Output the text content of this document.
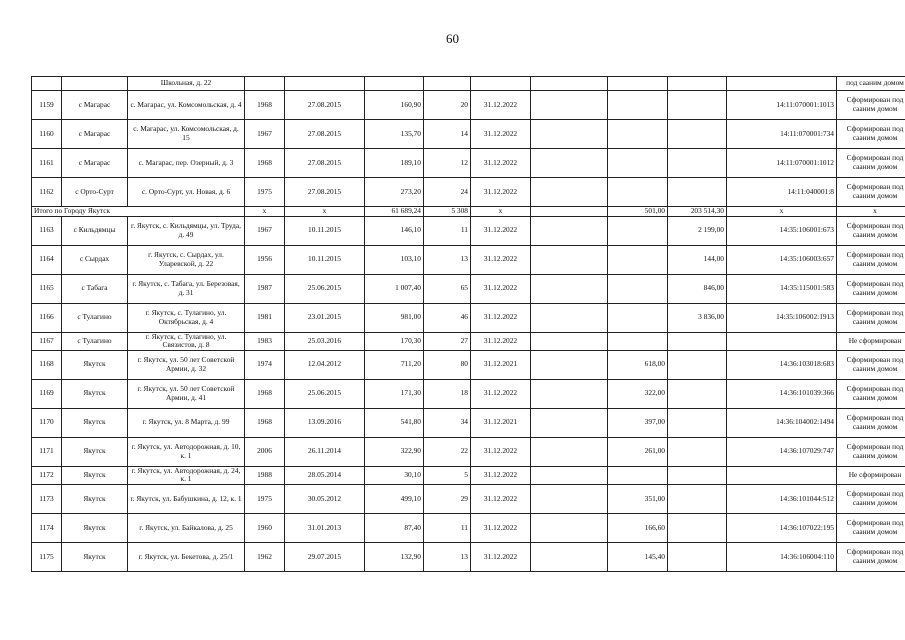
60
		Школьная, д. 22										под сааним домом
1159	с Магарас	с. Магарас, ул. Комсомольская, д. 4	1968	27.08.2015	160,90	20	31.12.2022				14:11:070001:1013	Сформирован под сааним домом
1160	с Магарас	с. Магарас, ул. Комсомольская, д. 15	1967	27.08.2015	135,70	14	31.12.2022				14:11:070001:734	Сформирован под сааним домом
1161	с Магарас	с. Магарас, пер. Озерный, д. 3	1968	27.08.2015	189,10	12	31.12.2022				14:11:070001:1012	Сформирован под сааним домом
1162	с Орто-Сурт	с. Орто-Сурт, ул. Новая, д. 6	1975	27.08.2015	273,20	24	31.12.2022				14:11:040001:8	Сформирован под сааним домом
Итого по Городу Якутск			x	x	61 689,24	5 308	x		501,00	203 514,30	x	x
1163	с Кильдямцы	г. Якутск, с. Кильдямцы, ул. Труда, д. 49	1967	10.11.2015	146,10	11	31.12.2022			2 199,00	14:35:106001:673	Сформирован под сааним домом
1164	с Сырдах	г. Якутск, с. Сырдах, ул. Уларевской, д. 22	1956	10.11.2015	103,10	13	31.12.2022			144,00	14:35:106003:657	Сформирован под сааним домом
1165	с Табага	г. Якутск, с. Табага, ул. Березовая, д. 31	1987	25.06.2015	1 007,40	65	31.12.2022			846,00	14:35:115001:583	Сформирован под сааним домом
1166	с Тулагино	г. Якутск, с. Тулагино, ул. Октябрьская, д. 4	1981	23.01.2015	981,00	46	31.12.2022			3 836,00	14:35:106002:1913	Сформирован под сааним домом
1167	с Тулагино	г. Якутск, с. Тулагино, ул. Связистов, д. 8	1983	25.03.2016	170,30	27	31.12.2022					Не сформирован
1168	Якутск	г. Якутск, ул. 50 лет Советской Армии, д. 32	1974	12.04.2012	711,20	80	31.12.2021		618,00		14:36:103018:683	Сформирован под сааним домом
1169	Якутск	г. Якутск, ул. 50 лет Советской Армии, д. 41	1968	25.06.2015	171,30	18	31.12.2022		322,00		14:36:101039:366	Сформирован под сааним домом
1170	Якутск	г. Якутск, ул. 8 Марта, д. 99	1968	13.09.2016	541,80	34	31.12.2021		397,00		14:36:104002:1494	Сформирован под сааним домом
1171	Якутск	г. Якутск, ул. Автодорожная, д. 10, к. 1	2006	26.11.2014	322,90	22	31.12.2022		261,00		14:36:107029:747	Сформирован под сааним домом
1172	Якутск	г. Якутск, ул. Автодорожная, д. 24, к. 1	1988	28.05.2014	30,10	5	31.12.2022					Не сформирован
1173	Якутск	г. Якутск, ул. Бабушкина, д. 12, к. 1	1975	30.05.2012	499,10	29	31.12.2022		351,00		14:36:101044:512	Сформирован под сааним домом
1174	Якутск	г. Якутск, ул. Байкалова, д. 25	1960	31.01.2013	87,40	11	31.12.2022		166,60		14:36:107022:195	Сформирован под сааним домом
1175	Якутск	г. Якутск, ул. Бекетова, д. 25/1	1962	29.07.2015	132,90	13	31.12.2022		145,40		14:36:106004:110	Сформирован под сааним домом
